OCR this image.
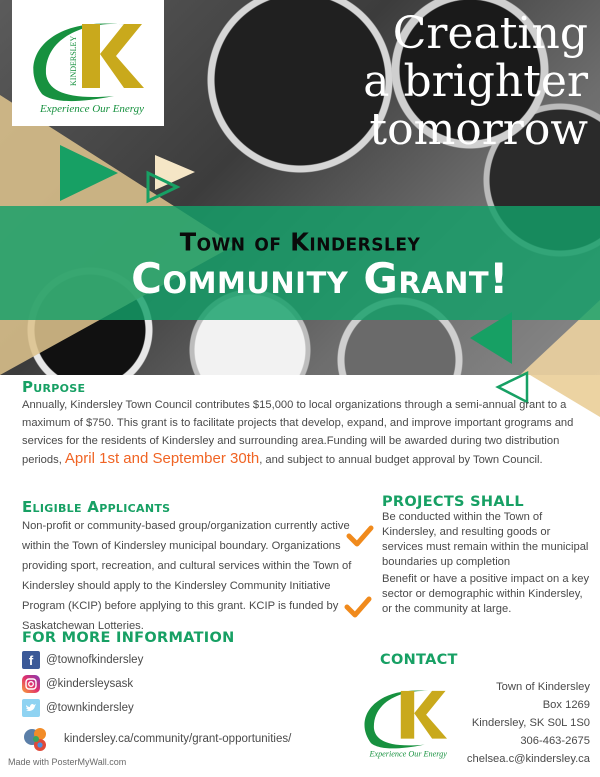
Town of Kindersley
Community Grant!
Creating
a brighter
tomorrow
KINDERSLEY
Experience Our Energy
Purpose
Annually, Kindersley Town Council contributes $15,000 to local organizations through a semi-annual grant to a maximum of $750. This grant is to facilitate projects that develop, expand, and improve important grograms and services for the residents of Kindersley and surrounding area.Funding will be awarded during two distribution periods, April 1st and September 30th, and subject to annual budget approval by Town Council.
Eligible Applicants
Non-profit or community-based group/organization currently active within the Town of Kindersley municipal boundary. Organizations providing sport, recreation, and cultural services within the Town of Kindersley should apply to the Kindersley Community Initiative Program (KCIP) before applying to this grant. KCIP is funded by Saskatchewan Lotteries.
PROJECTS SHALL
Be conducted within the Town of Kindersley, and resulting goods or services must remain within the municipal boundaries up completion
Benefit or have a positive impact on a key sector or demographic within Kindersley, or the community at large.
FOR MORE INFORMATION
f	@townofkindersley
@kindersleysask
@townkindersley
kindersley.ca/community/grant-opportunities/
Made with PosterMyWall.com
CONTACT
Experience Our Energy
Town of Kindersley
Box 1269
Kindersley, SK S0L 1S0
306-463-2675
chelsea.c@kindersley.ca
